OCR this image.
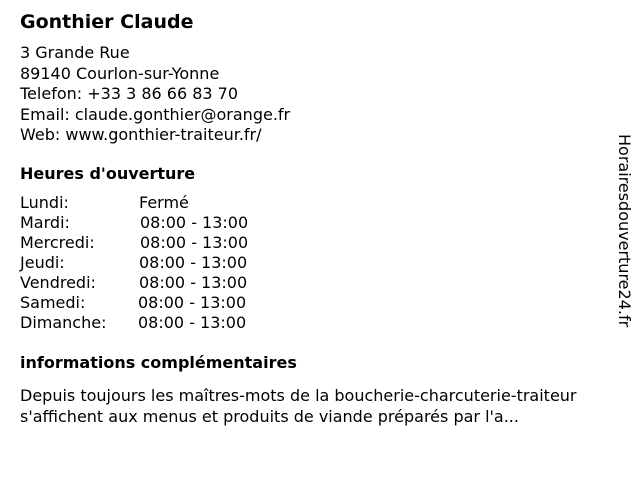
Gonthier Claude
3 Grande Rue
89140 Courlon-sur-Yonne
Telefon: +33 3 86 66 83 70
Email: claude.gonthier@orange.fr
Web: www.gonthier-traiteur.fr/
Heures d'ouverture
Lundi:	Fermé
Mardi:	08:00 - 13:00
Mercredi:	08:00 - 13:00
Jeudi:	08:00 - 13:00
Vendredi:	08:00 - 13:00
Samedi:	08:00 - 13:00
Dimanche: 08:00 - 13:00
informations complémentaires
Depuis toujours les maîtres-mots de la boucherie-charcuterie-traiteur
s'affichent aux menus et produits de viande préparés par l'a...
Horairesdouverture24.fr
